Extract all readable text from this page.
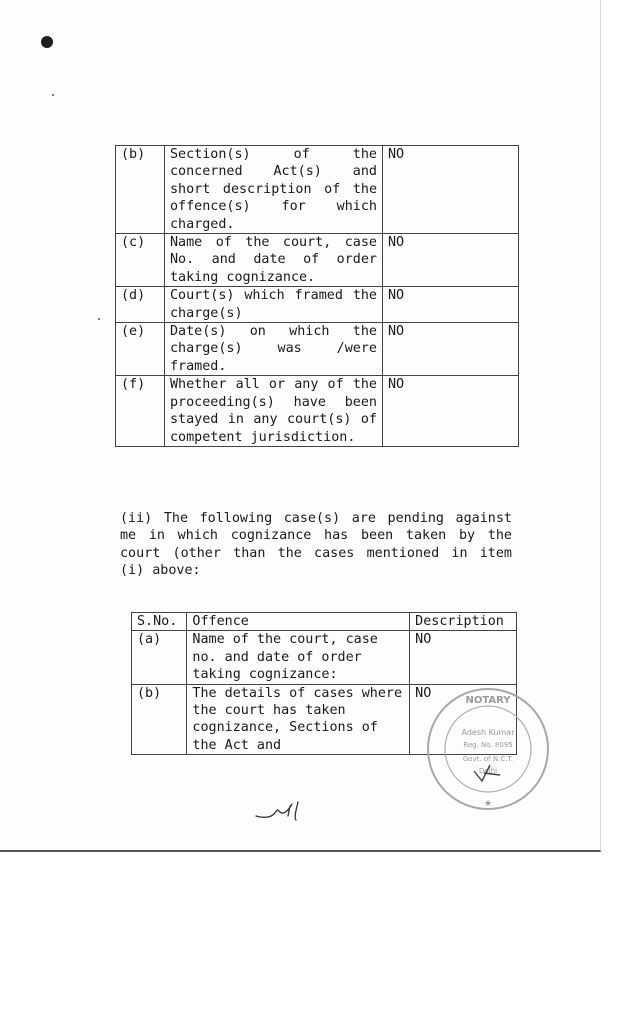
(b)	Section(s) of the concerned Act(s) and short description of the offence(s) for which charged.	NO
(c)	Name of the court, case No. and date of order taking cognizance.	NO
(d)	Court(s) which framed the charge(s)	NO
(e)	Date(s) on which the charge(s) was /were framed.	NO
(f)	Whether all or any of the proceeding(s) have been stayed in any court(s) of competent jurisdiction.	NO

(ii) The following case(s) are pending against me in which cognizance has been taken by the court (other than the cases mentioned in item (i) above:

S.No.	Offence	Description
(a)	Name of the court, case no. and date of order taking cognizance:	NO
(b)	The details of cases where the court has taken cognizance, Sections of the Act and	NO	NOTARY
Adesh Kumar
Reg. No. 8095
Govt. of N.C.T.
Delhi
★
